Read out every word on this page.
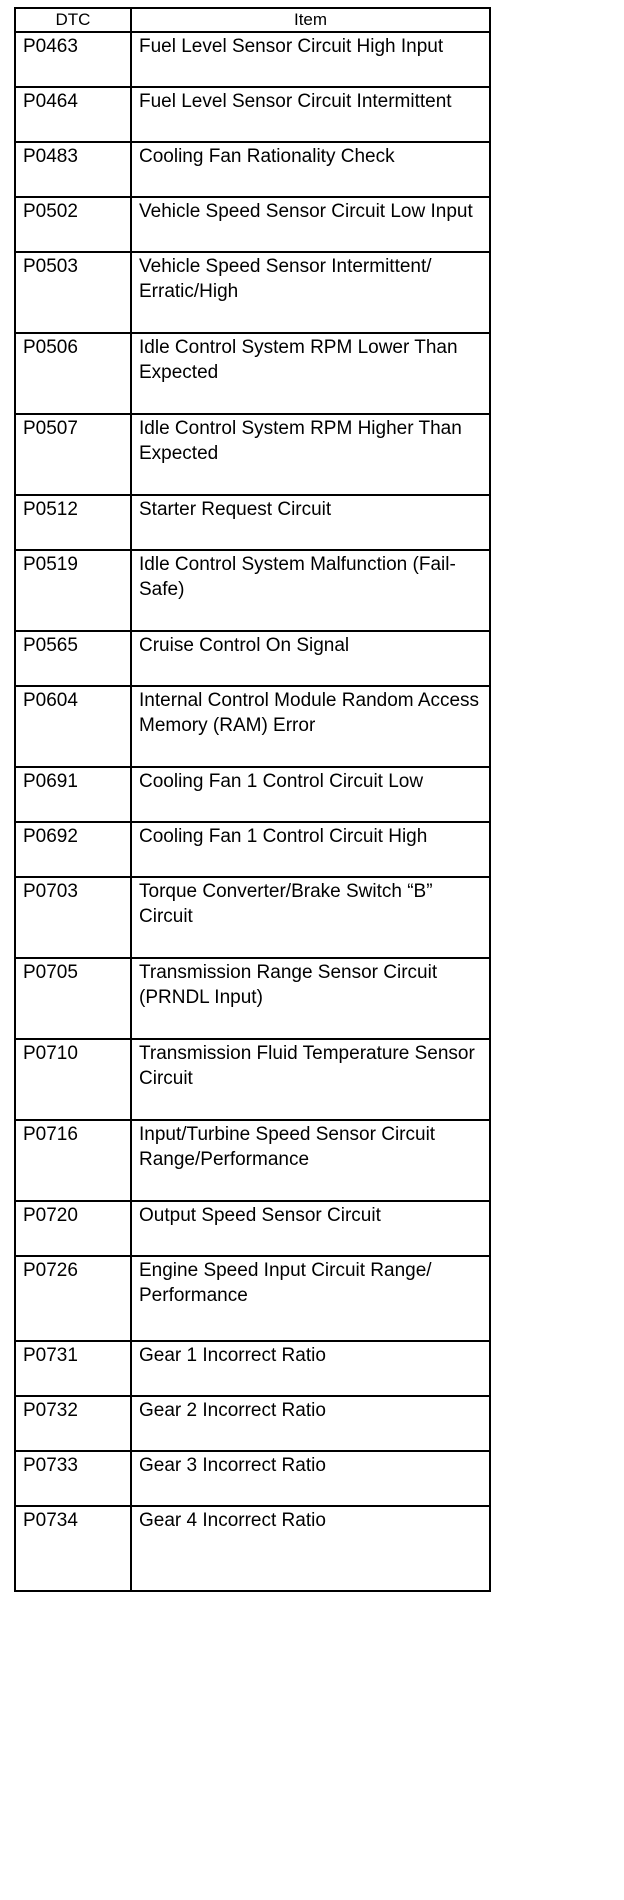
DTC	Item
P0463	Fuel Level Sensor Circuit High Input
P0464	Fuel Level Sensor Circuit Intermittent
P0483	Cooling Fan Rationality Check
P0502	Vehicle Speed Sensor Circuit Low Input
P0503	Vehicle Speed Sensor Intermittent/ Erratic/High
P0506	Idle Control System RPM Lower Than Expected
P0507	Idle Control System RPM Higher Than Expected
P0512	Starter Request Circuit
P0519	Idle Control System Malfunction (Fail-Safe)
P0565	Cruise Control On Signal
P0604	Internal Control Module Random Access Memory (RAM) Error
P0691	Cooling Fan 1 Control Circuit Low
P0692	Cooling Fan 1 Control Circuit High
P0703	Torque Converter/Brake Switch “B” Circuit
P0705	Transmission Range Sensor Circuit (PRNDL Input)
P0710	Transmission Fluid Temperature Sensor Circuit
P0716	Input/Turbine Speed Sensor Circuit Range/Performance
P0720	Output Speed Sensor Circuit
P0726	Engine Speed Input Circuit Range/ Performance
P0731	Gear 1 Incorrect Ratio
P0732	Gear 2 Incorrect Ratio
P0733	Gear 3 Incorrect Ratio
P0734	Gear 4 Incorrect Ratio
